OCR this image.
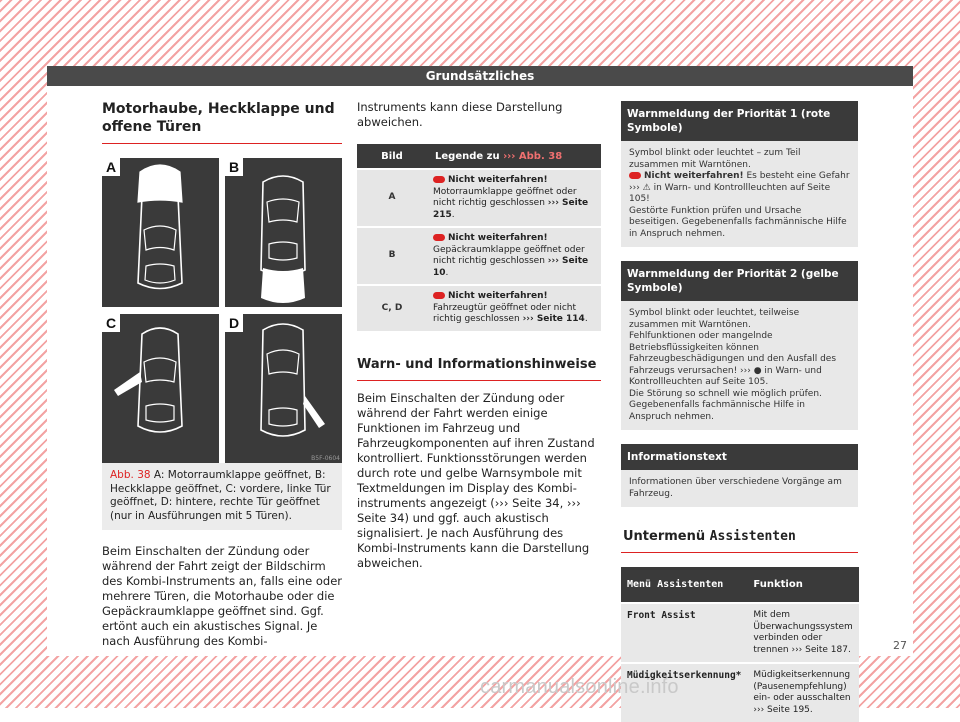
Grundsätzliches
Motorhaube, Heckklappe und offene Türen
A	B
C	D
B5F-0604
Abb. 38 A: Motorraumklappe geöffnet, B: Heckklappe geöffnet, C: vordere, linke Tür geöffnet, D: hintere, rechte Tür geöffnet (nur in Ausführungen mit 5 Türen).

Beim Einschalten der Zündung oder während der Fahrt zeigt der Bildschirm des Kombi-Instruments an, falls eine oder mehrere Türen, die Motorhaube oder die Gepäckraumklappe geöffnet sind. Ggf. ertönt auch ein akustisches Signal. Je nach Ausführung des Kombi-

Instruments kann diese Darstellung abweichen.

Bild	Legende zu ››› Abb. 38
A	Nicht weiterfahren!
Motorraumklappe geöffnet oder nicht richtig geschlossen ››› Seite 215.
B	Nicht weiterfahren!
Gepäckraumklappe geöffnet oder nicht richtig geschlossen ››› Seite 10.
C, D	Nicht weiterfahren!
Fahrzeugtür geöffnet oder nicht richtig geschlossen ››› Seite 114.
Warn- und Informationshinweise

Beim Einschalten der Zündung oder während der Fahrt werden einige Funktionen im Fahrzeug und Fahrzeugkomponenten auf ihren Zustand kontrolliert. Funktionsstörungen werden durch rote und gelbe Warnsymbole mit Textmeldungen im Display des Kombi-instruments angezeigt (››› Seite 34, ››› Seite 34) und ggf. auch akustisch signalisiert. Je nach Ausführung des Kombi-Instruments kann die Darstellung abweichen.

Warnmeldung der Priorität 1 (rote Symbole)
Symbol blinkt oder leuchtet – zum Teil zusammen mit Warntönen.
Nicht weiterfahren! Es besteht eine Gefahr ››› ⚠ in Warn- und Kontrollleuchten auf Seite 105!
Gestörte Funktion prüfen und Ursache beseitigen. Gegebenenfalls fachmännische Hilfe in Anspruch nehmen.
Warnmeldung der Priorität 2 (gelbe Symbole)
Symbol blinkt oder leuchtet, teilweise zusammen mit Warntönen.
Fehlfunktionen oder mangelnde Betriebsflüssigkeiten können Fahrzeugbeschädigungen und den Ausfall des Fahrzeugs verursachen! ››› ● in Warn- und Kontrollleuchten auf Seite 105.
Die Störung so schnell wie möglich prüfen. Gegebenenfalls fachmännische Hilfe in Anspruch nehmen.
Informationstext
Informationen über verschiedene Vorgänge am Fahrzeug.
Untermenü Assistenten
Menü Assistenten	Funktion
Front Assist	Mit dem Überwachungssystem verbinden oder trennen ››› Seite 187.
Müdigkeitserkennung*	Müdigkeitserkennung (Pausenempfehlung) ein- oder ausschalten ››› Seite 195.
27
carmanualsonline.info
